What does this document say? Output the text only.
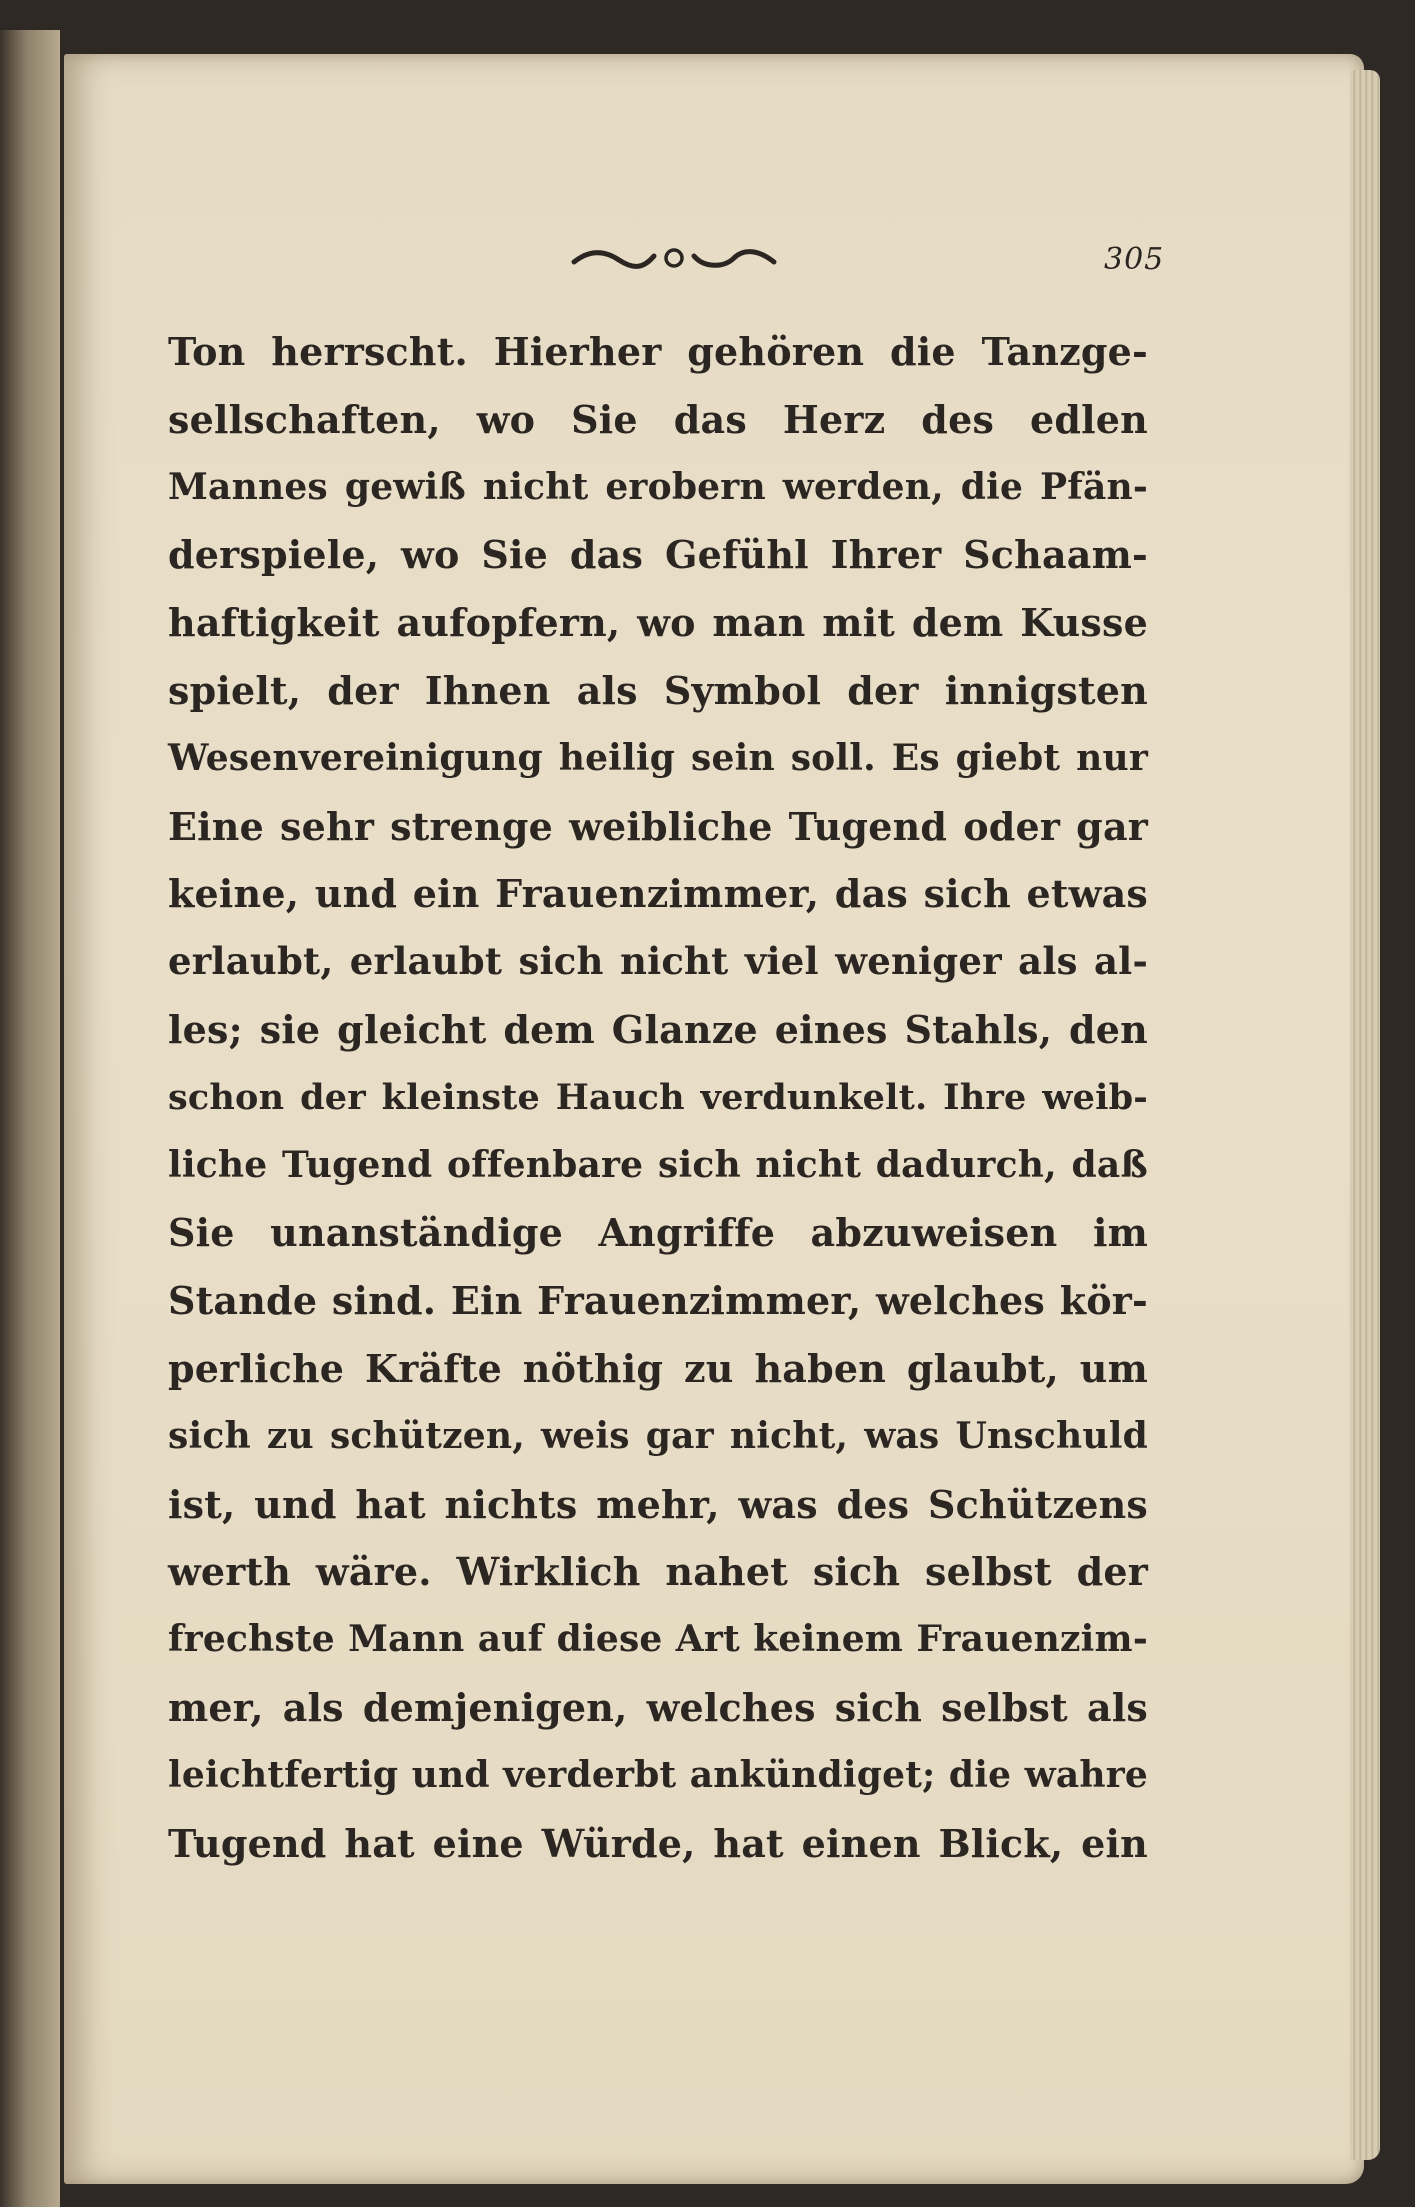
305
Ton herrscht. Hierher gehören die Tanzge-
sellschaften, wo Sie das Herz des edlen
Mannes gewiß nicht erobern werden, die Pfän-
derspiele, wo Sie das Gefühl Ihrer Schaam-
haftigkeit aufopfern, wo man mit dem Kusse
spielt, der Ihnen als Symbol der innigsten
Wesenvereinigung heilig sein soll. Es giebt nur
Eine sehr strenge weibliche Tugend oder gar
keine, und ein Frauenzimmer, das sich etwas
erlaubt, erlaubt sich nicht viel weniger als al-
les; sie gleicht dem Glanze eines Stahls, den
schon der kleinste Hauch verdunkelt. Ihre weib-
liche Tugend offenbare sich nicht dadurch, daß
Sie unanständige Angriffe abzuweisen im
Stande sind. Ein Frauenzimmer, welches kör-
perliche Kräfte nöthig zu haben glaubt, um
sich zu schützen, weis gar nicht, was Unschuld
ist, und hat nichts mehr, was des Schützens
werth wäre. Wirklich nahet sich selbst der
frechste Mann auf diese Art keinem Frauenzim-
mer, als demjenigen, welches sich selbst als
leichtfertig und verderbt ankündiget; die wahre
Tugend hat eine Würde, hat einen Blick, ein
